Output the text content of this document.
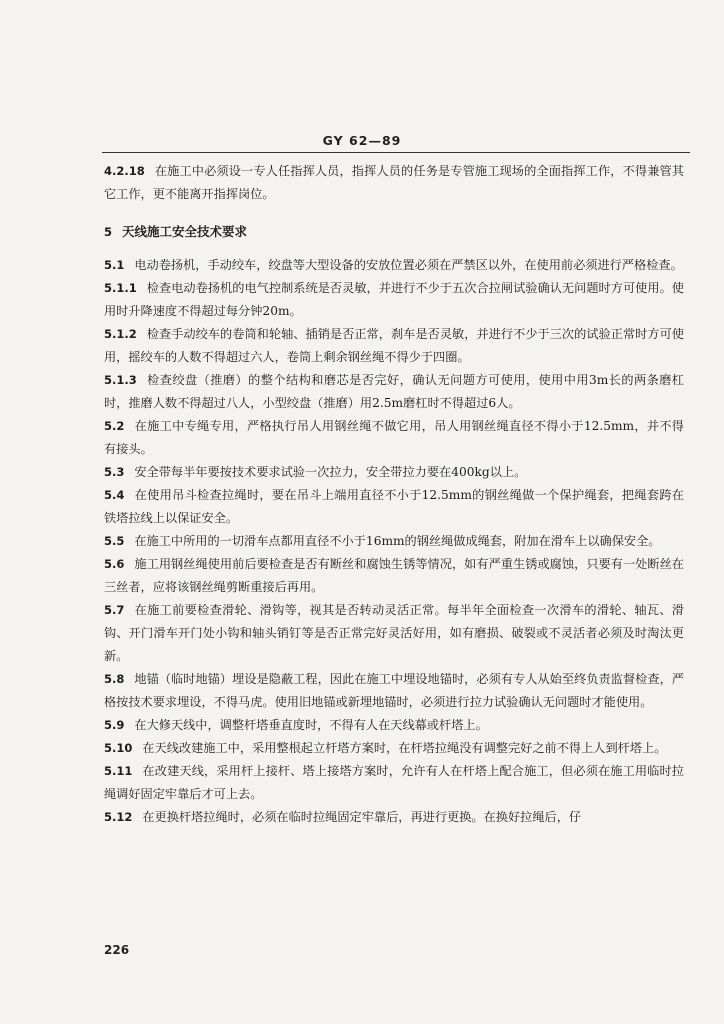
GY 62—89

4.2.18 在施工中必须设一专人任指挥人员，指挥人员的任务是专管施工现场的全面指挥工作，不得兼管其它工作，更不能离开指挥岗位。

5 天线施工安全技术要求

5.1 电动卷扬机，手动绞车，绞盘等大型设备的安放位置必须在严禁区以外，在使用前必须进行严格检查。

5.1.1 检查电动卷扬机的电气控制系统是否灵敏，并进行不少于五次合拉闸试验确认无问题时方可使用。使用时升降速度不得超过每分钟20m。

5.1.2 检查手动绞车的卷筒和轮轴、插销是否正常，刹车是否灵敏，并进行不少于三次的试验正常时方可使用，摇绞车的人数不得超过六人，卷筒上剩余钢丝绳不得少于四圈。

5.1.3 检查绞盘（推磨）的整个结构和磨芯是否完好，确认无问题方可使用，使用中用3m长的两条磨杠时，推磨人数不得超过八人，小型绞盘（推磨）用2.5m磨杠时不得超过6人。

5.2 在施工中专绳专用，严格执行吊人用钢丝绳不做它用，吊人用钢丝绳直径不得小于12.5mm，并不得有接头。

5.3 安全带每半年要按技术要求试验一次拉力，安全带拉力要在400kg以上。

5.4 在使用吊斗检查拉绳时，要在吊斗上端用直径不小于12.5mm的钢丝绳做一个保护绳套，把绳套跨在铁塔拉线上以保证安全。

5.5 在施工中所用的一切滑车点都用直径不小于16mm的钢丝绳做成绳套，附加在滑车上以确保安全。

5.6 施工用钢丝绳使用前后要检查是否有断丝和腐蚀生锈等情况，如有严重生锈或腐蚀，只要有一处断丝在三丝者，应将该钢丝绳剪断重接后再用。

5.7 在施工前要检查滑轮、滑钩等，视其是否转动灵活正常。每半年全面检查一次滑车的滑轮、轴瓦、滑钩、开门滑车开门处小钩和轴头销钉等是否正常完好灵活好用，如有磨损、破裂或不灵活者必须及时淘汰更新。

5.8 地锚（临时地锚）埋设是隐蔽工程，因此在施工中埋设地锚时，必须有专人从始至终负责监督检查，严格按技术要求埋设，不得马虎。使用旧地锚或新埋地锚时，必须进行拉力试验确认无问题时才能使用。

5.9 在大修天线中，调整杆塔垂直度时，不得有人在天线幕或杆塔上。

5.10 在天线改建施工中，采用整根起立杆塔方案时，在杆塔拉绳没有调整完好之前不得上人到杆塔上。

5.11 在改建天线，采用杆上接杆、塔上接塔方案时，允许有人在杆塔上配合施工，但必须在施工用临时拉绳调好固定牢靠后才可上去。

5.12 在更换杆塔拉绳时，必须在临时拉绳固定牢靠后，再进行更换。在换好拉绳后，仔

226
